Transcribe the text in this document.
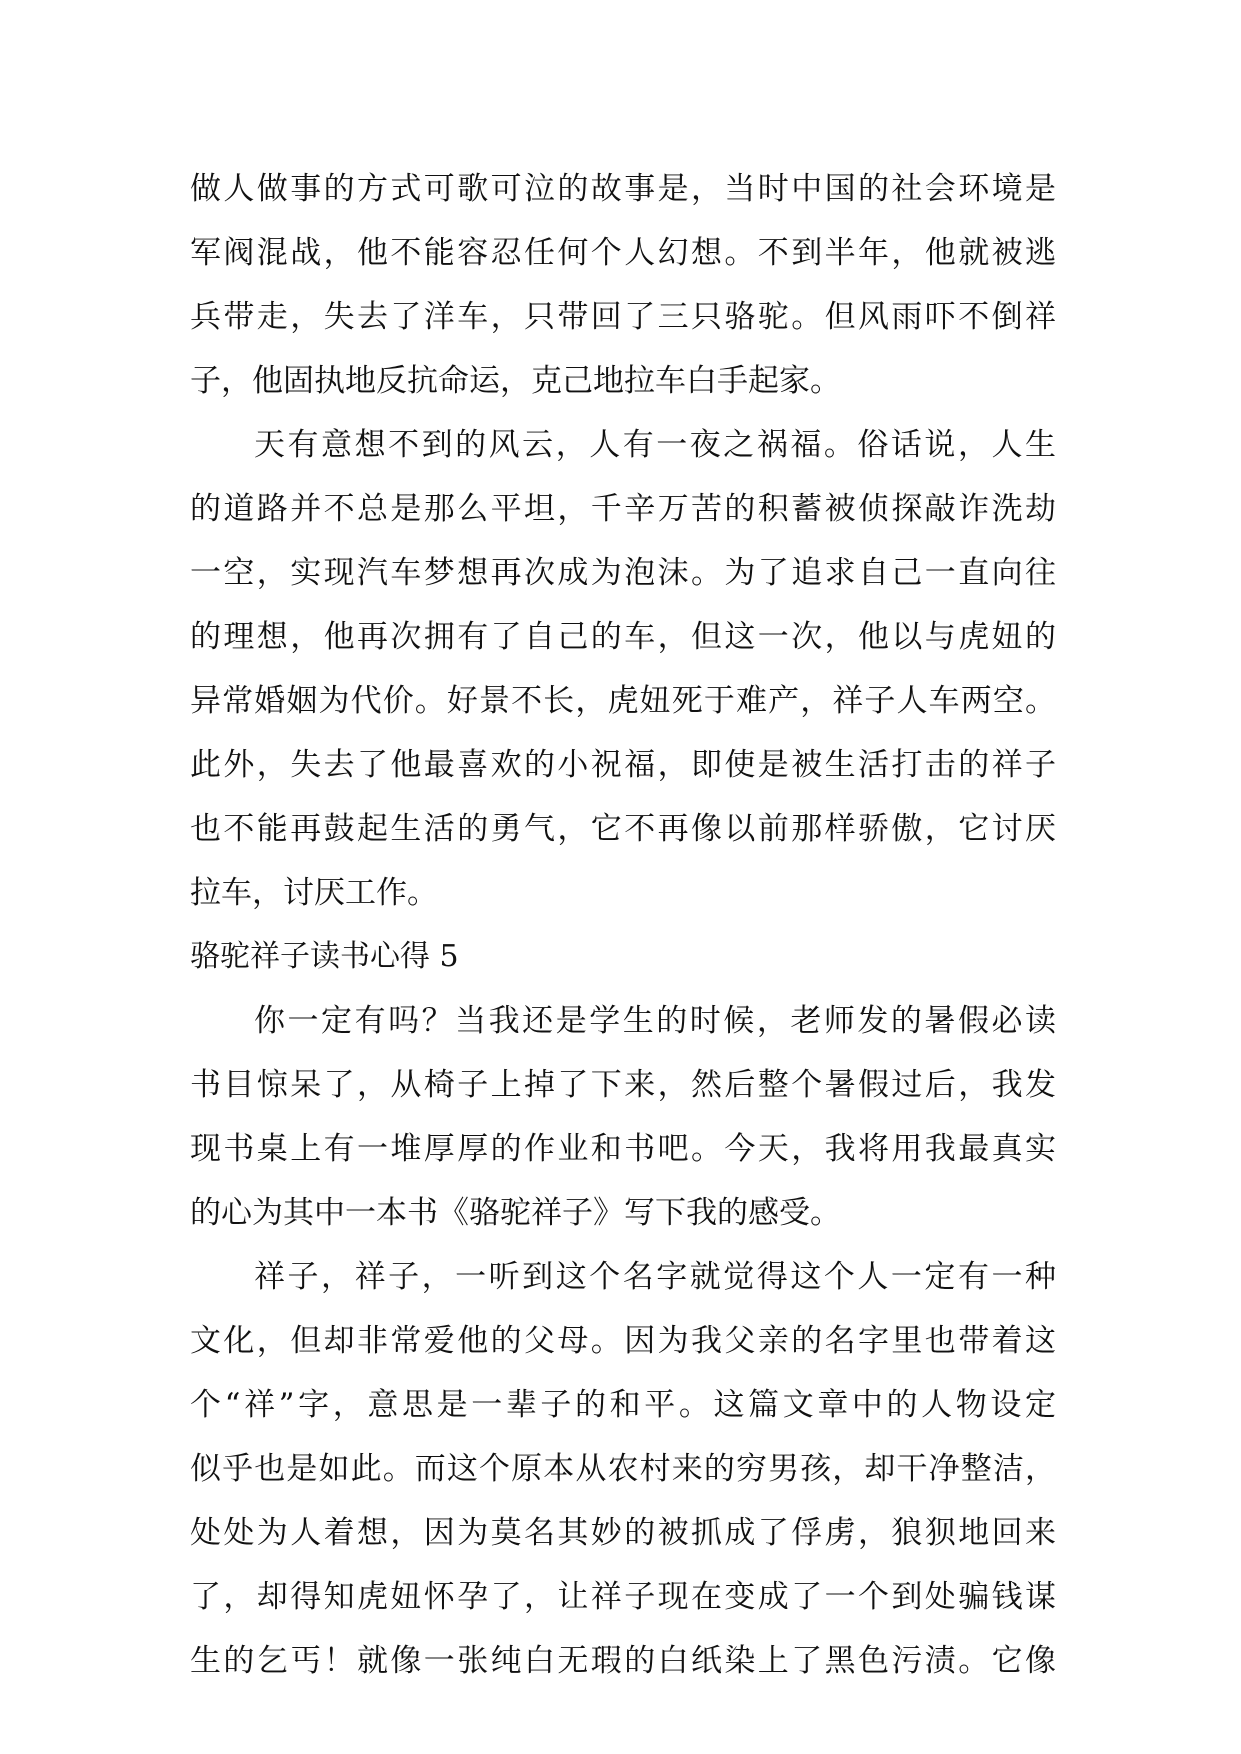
做人做事的方式可歌可泣的故事是，当时中国的社会环境是
军阀混战，他不能容忍任何个人幻想。不到半年，他就被逃
兵带走，失去了洋车，只带回了三只骆驼。但风雨吓不倒祥
子，他固执地反抗命运，克己地拉车白手起家。
天有意想不到的风云，人有一夜之祸福。俗话说，人生
的道路并不总是那么平坦，千辛万苦的积蓄被侦探敲诈洗劫
一空，实现汽车梦想再次成为泡沫。为了追求自己一直向往
的理想，他再次拥有了自己的车，但这一次，他以与虎妞的
异常婚姻为代价。好景不长，虎妞死于难产，祥子人车两空。
此外，失去了他最喜欢的小祝福，即使是被生活打击的祥子
也不能再鼓起生活的勇气，它不再像以前那样骄傲，它讨厌
拉车，讨厌工作。
骆驼祥子读书心得 5
你一定有吗？当我还是学生的时候，老师发的暑假必读
书目惊呆了，从椅子上掉了下来，然后整个暑假过后，我发
现书桌上有一堆厚厚的作业和书吧。今天，我将用我最真实
的心为其中一本书《骆驼祥子》写下我的感受。
祥子，祥子，一听到这个名字就觉得这个人一定有一种
文化，但却非常爱他的父母。因为我父亲的名字里也带着这
个“祥”字，意思是一辈子的和平。这篇文章中的人物设定
似乎也是如此。而这个原本从农村来的穷男孩，却干净整洁，
处处为人着想，因为莫名其妙的被抓成了俘虏，狼狈地回来
了，却得知虎妞怀孕了，让祥子现在变成了一个到处骗钱谋
生的乞丐！就像一张纯白无瑕的白纸染上了黑色污渍。它像
